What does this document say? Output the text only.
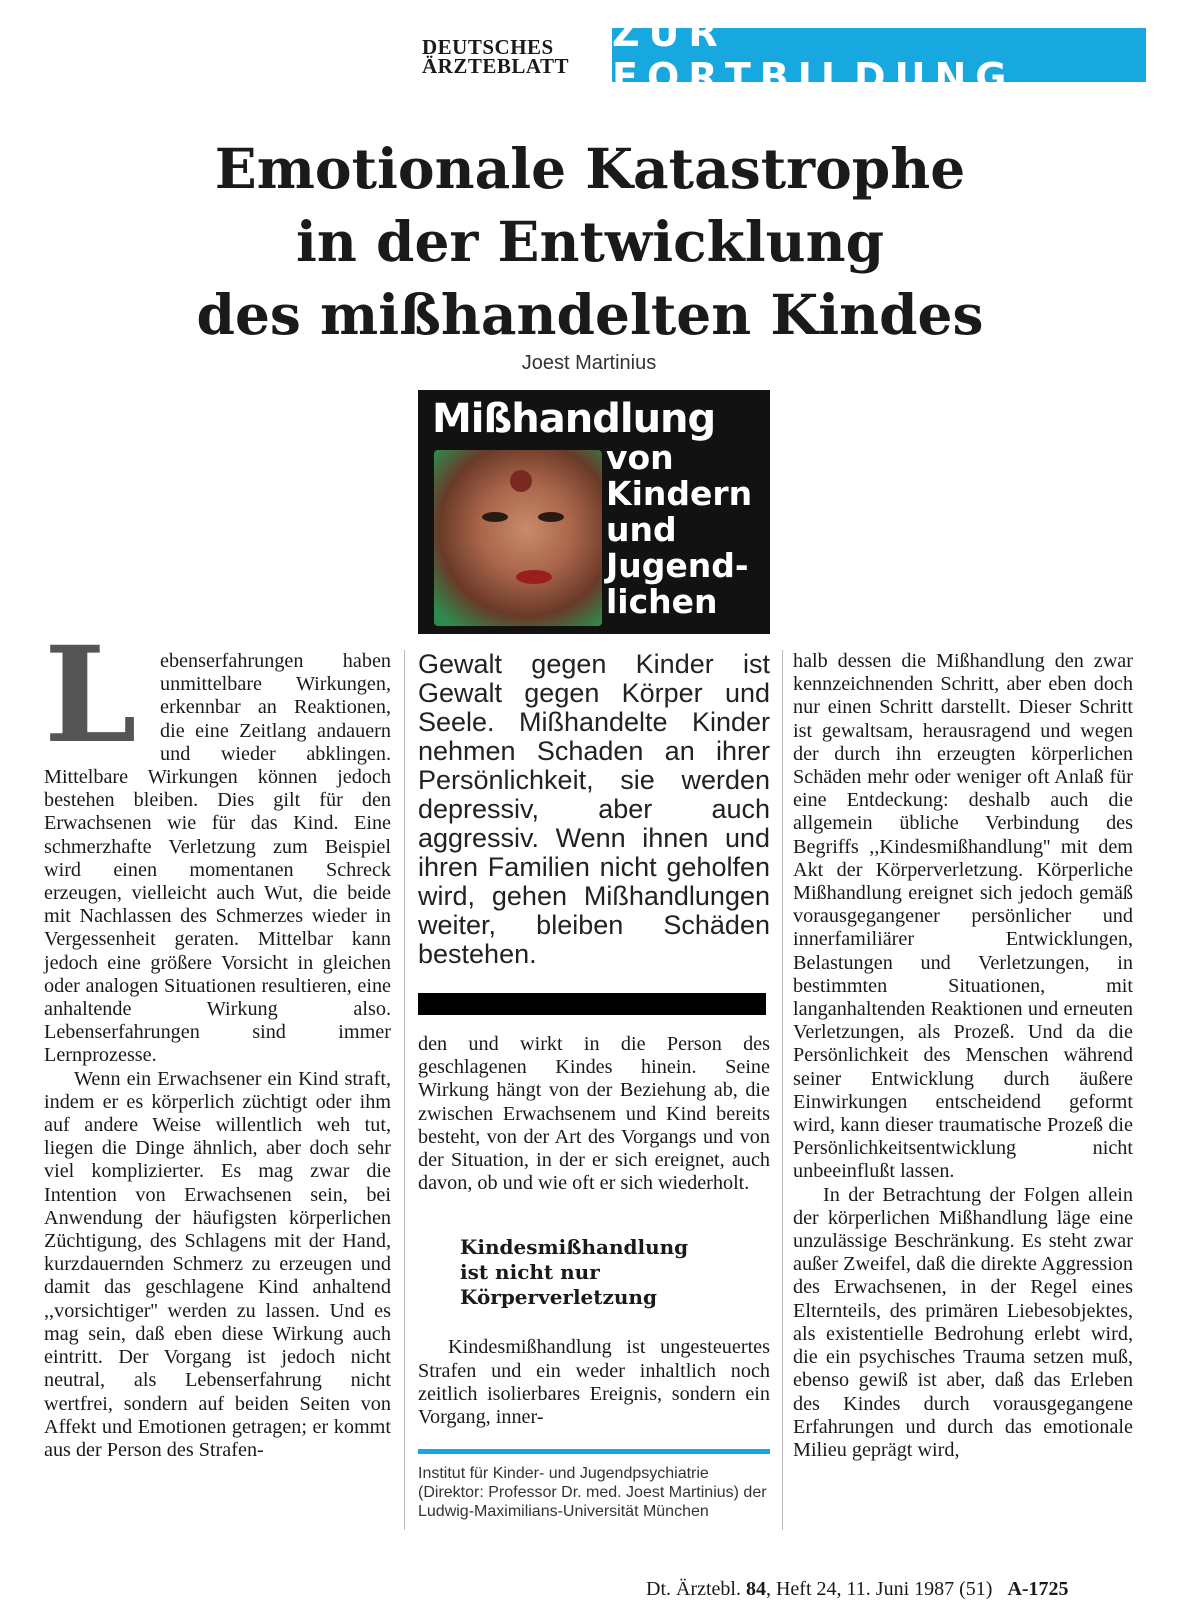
DEUTSCHES
ÄRZTEBLATT
ZUR FORTBILDUNG
Emotionale Katastrophe
in der Entwicklung
des mißhandelten Kindes
Joest Martinius
Mißhandlung
von
Kindern
und
Jugend-
lichen
L	ebenserfahrungen haben unmittelbare Wirkungen, erkennbar an Reaktionen, die eine Zeitlang andauern und wieder abklingen. Mittelbare Wirkungen können jedoch bestehen bleiben. Dies gilt für den Erwachsenen wie für das Kind. Eine schmerzhafte Verletzung zum Beispiel wird einen momentanen Schreck erzeugen, vielleicht auch Wut, die beide mit Nachlassen des Schmerzes wieder in Vergessenheit geraten. Mittelbar kann jedoch eine größere Vorsicht in gleichen oder analogen Situationen resultieren, eine anhaltende Wirkung also. Lebenserfahrungen sind immer Lernprozesse.

Wenn ein Erwachsener ein Kind straft, indem er es körperlich züchtigt oder ihm auf andere Weise willentlich weh tut, liegen die Dinge ähnlich, aber doch sehr viel komplizierter. Es mag zwar die Intention von Erwachsenen sein, bei Anwendung der häufigsten körperlichen Züchtigung, des Schlagens mit der Hand, kurzdauernden Schmerz zu erzeugen und damit das geschlagene Kind anhaltend ,,vorsichtiger'' werden zu lassen. Und es mag sein, daß eben diese Wirkung auch eintritt. Der Vorgang ist jedoch nicht neutral, als Lebenserfahrung nicht wertfrei, sondern auf beiden Seiten von Affekt und Emotionen getragen; er kommt aus der Person des Strafen-

Gewalt gegen Kinder ist Gewalt gegen Körper und Seele. Mißhandelte Kinder nehmen Schaden an ihrer Persönlichkeit, sie werden depressiv, aber auch aggressiv. Wenn ihnen und ihren Familien nicht geholfen wird, gehen Mißhandlungen weiter, bleiben Schäden bestehen.

den und wirkt in die Person des geschlagenen Kindes hinein. Seine Wirkung hängt von der Beziehung ab, die zwischen Erwachsenem und Kind bereits besteht, von der Art des Vorgangs und von der Situation, in der er sich ereignet, auch davon, ob und wie oft er sich wiederholt.

Kindesmißhandlung
ist nicht nur
Körperverletzung

Kindesmißhandlung ist ungesteuertes Strafen und ein weder inhaltlich noch zeitlich isolierbares Ereignis, sondern ein Vorgang, inner-

Institut für Kinder- und Jugendpsychiatrie (Direktor: Professor Dr. med. Joest Martinius) der Ludwig-Maximilians-Universität München

halb dessen die Mißhandlung den zwar kennzeichnenden Schritt, aber eben doch nur einen Schritt darstellt. Dieser Schritt ist gewaltsam, herausragend und wegen der durch ihn erzeugten körperlichen Schäden mehr oder weniger oft Anlaß für eine Entdeckung: deshalb auch die allgemein übliche Verbindung des Begriffs ,,Kindesmißhandlung'' mit dem Akt der Körperverletzung. Körperliche Mißhandlung ereignet sich jedoch gemäß vorausgegangener persönlicher und innerfamiliärer Entwicklungen, Belastungen und Verletzungen, in bestimmten Situationen, mit langanhaltenden Reaktionen und erneuten Verletzungen, als Prozeß. Und da die Persönlichkeit des Menschen während seiner Entwicklung durch äußere Einwirkungen entscheidend geformt wird, kann dieser traumatische Prozeß die Persönlichkeitsentwicklung nicht unbeeinflußt lassen.

In der Betrachtung der Folgen allein der körperlichen Mißhandlung läge eine unzulässige Beschränkung. Es steht zwar außer Zweifel, daß die direkte Aggression des Erwachsenen, in der Regel eines Elternteils, des primären Liebesobjektes, als existentielle Bedrohung erlebt wird, die ein psychisches Trauma setzen muß, ebenso gewiß ist aber, daß das Erleben des Kindes durch vorausgegangene Erfahrungen und durch das emotionale Milieu geprägt wird,

Dt. Ärztebl. 84, Heft 24, 11. Juni 1987 (51) A-1725
